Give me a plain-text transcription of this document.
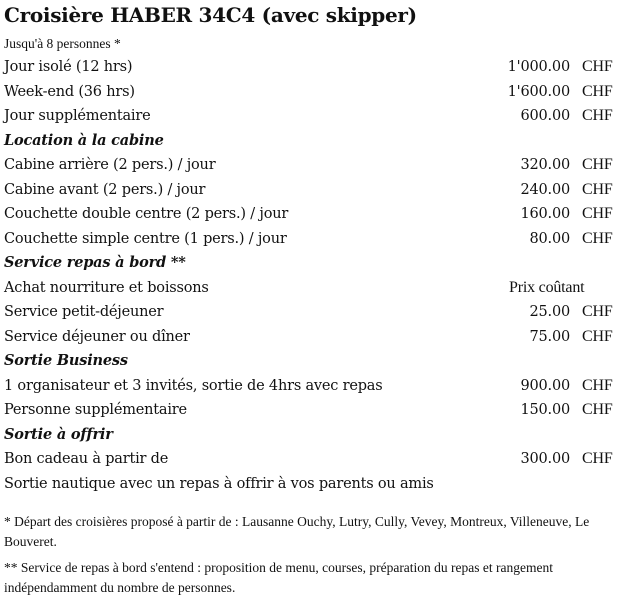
Croisière HABER 34C4 (avec skipper)
Jusqu'à 8 personnes *
Jour isolé (12 hrs)	1'000.00 CHF
Week-end (36 hrs)	1'600.00 CHF
Jour supplémentaire	600.00 CHF
Location à la cabine
Cabine arrière (2 pers.) / jour	320.00 CHF
Cabine avant (2 pers.) / jour	240.00 CHF
Couchette double centre (2 pers.) / jour	160.00 CHF
Couchette simple centre (1 pers.) / jour	80.00 CHF
Service repas à bord **
Achat nourriture et boissons	Prix coûtant
Service petit-déjeuner	25.00 CHF
Service déjeuner ou dîner	75.00 CHF
Sortie Business
1 organisateur et 3 invités, sortie de 4hrs avec repas	900.00 CHF
Personne supplémentaire	150.00 CHF
Sortie à offrir
Bon cadeau à partir de	300.00 CHF
Sortie nautique avec un repas à offrir à vos parents ou amis

* Départ des croisières proposé à partir de : Lausanne Ouchy, Lutry, Cully, Vevey, Montreux, Villeneuve, Le Bouveret.

** Service de repas à bord s'entend : proposition de menu, courses, préparation du repas et rangement indépendamment du nombre de personnes.
